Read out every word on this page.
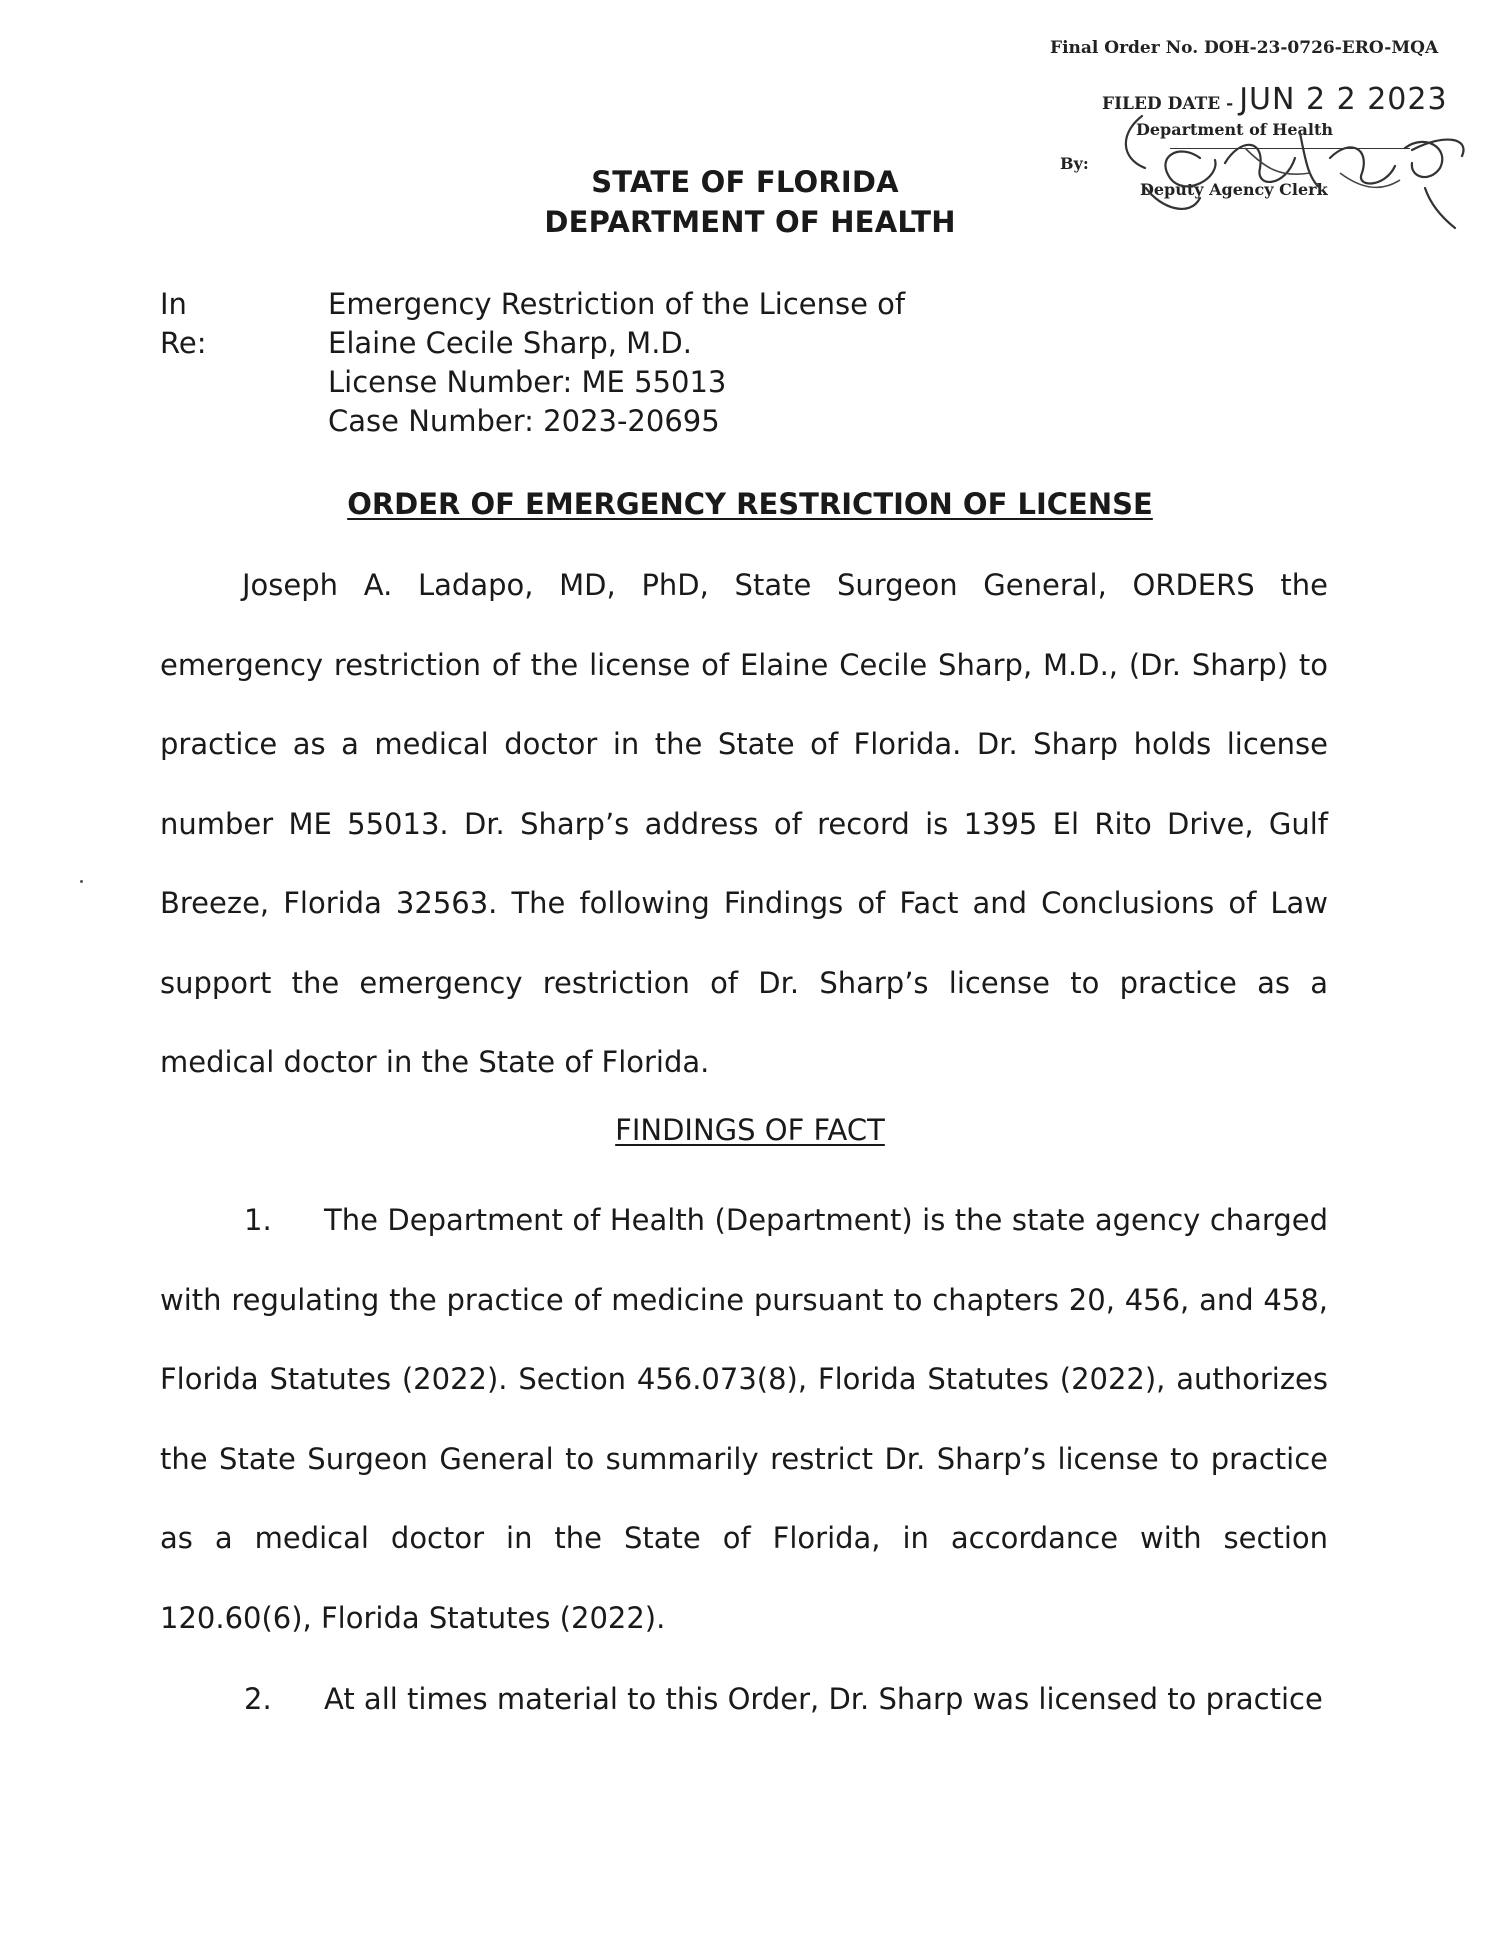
Final Order No. DOH-23-0726-ERO-MQA
FILED DATE - JUN 2 2 2023
Department of Health
By:
Deputy Agency Clerk
STATE OF FLORIDA
DEPARTMENT OF HEALTH
In Re:
Emergency Restriction of the License of
Elaine Cecile Sharp, M.D.
License Number: ME 55013
Case Number: 2023-20695
ORDER OF EMERGENCY RESTRICTION OF LICENSE
Joseph A. Ladapo, MD, PhD, State Surgeon General, ORDERS the emergency restriction of the license of Elaine Cecile Sharp, M.D., (Dr. Sharp) to practice as a medical doctor in the State of Florida. Dr. Sharp holds license number ME 55013. Dr. Sharp’s address of record is 1395 El Rito Drive, Gulf Breeze, Florida 32563. The following Findings of Fact and Conclusions of Law support the emergency restriction of Dr. Sharp’s license to practice as a medical doctor in the State of Florida.
FINDINGS OF FACT
1. The Department of Health (Department) is the state agency charged with regulating the practice of medicine pursuant to chapters 20, 456, and 458, Florida Statutes (2022). Section 456.073(8), Florida Statutes (2022), authorizes the State Surgeon General to summarily restrict Dr. Sharp’s license to practice as a medical doctor in the State of Florida, in accordance with section 120.60(6), Florida Statutes (2022).
2. At all times material to this Order, Dr. Sharp was licensed to practice
